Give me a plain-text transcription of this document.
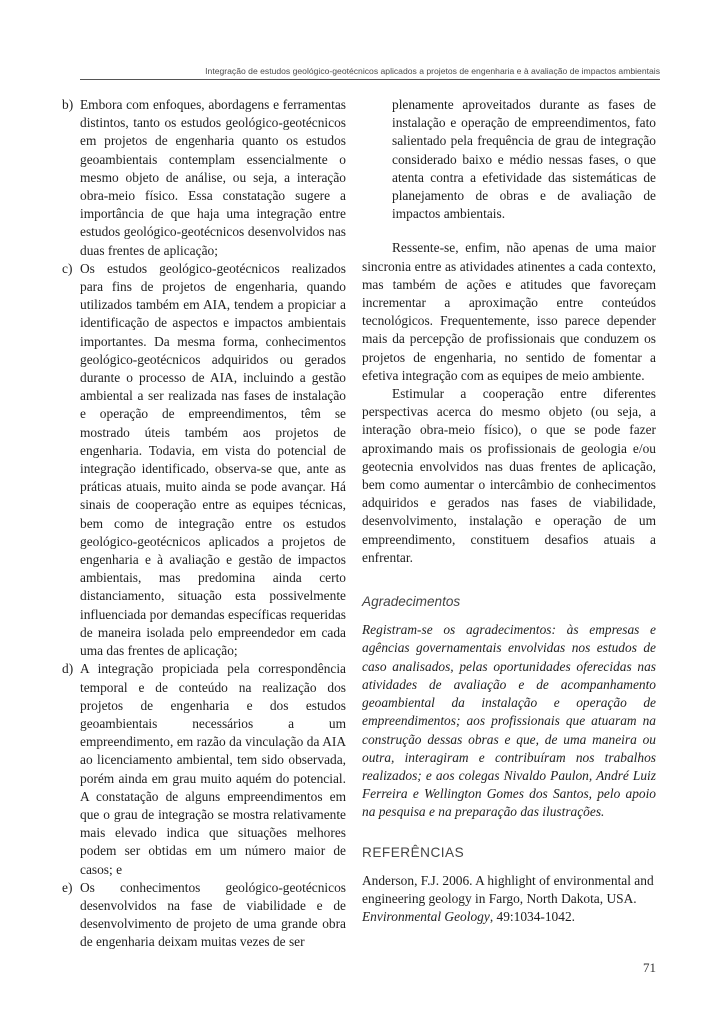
Integração de estudos geológico-geotécnicos aplicados a projetos de engenharia e à avaliação de impactos ambientais
b) Embora com enfoques, abordagens e ferramentas distintos, tanto os estudos geológico-geotécnicos em projetos de engenharia quanto os estudos geoambientais contemplam essencialmente o mesmo objeto de análise, ou seja, a interação obra-meio físico. Essa constatação sugere a importância de que haja uma integração entre estudos geológico-geotécnicos desenvolvidos nas duas frentes de aplicação;

c) Os estudos geológico-geotécnicos realizados para fins de projetos de engenharia, quando utilizados também em AIA, tendem a propiciar a identificação de aspectos e impactos ambientais importantes. Da mesma forma, conhecimentos geológico-geotécnicos adquiridos ou gerados durante o processo de AIA, incluindo a gestão ambiental a ser realizada nas fases de instalação e operação de empreendimentos, têm se mostrado úteis também aos projetos de engenharia. Todavia, em vista do potencial de integração identificado, observa-se que, ante as práticas atuais, muito ainda se pode avançar. Há sinais de cooperação entre as equipes técnicas, bem como de integração entre os estudos geológico-geotécnicos aplicados a projetos de engenharia e à avaliação e gestão de impactos ambientais, mas predomina ainda certo distanciamento, situação esta possivelmente influenciada por demandas específicas requeridas de maneira isolada pelo empreendedor em cada uma das frentes de aplicação;

d) A integração propiciada pela correspondência temporal e de conteúdo na realização dos projetos de engenharia e dos estudos geoambientais necessários a um empreendimento, em razão da vinculação da AIA ao licenciamento ambiental, tem sido observada, porém ainda em grau muito aquém do potencial. A constatação de alguns empreendimentos em que o grau de integração se mostra relativamente mais elevado indica que situações melhores podem ser obtidas em um número maior de casos; e

e) Os conhecimentos geológico-geotécnicos desenvolvidos na fase de viabilidade e de desenvolvimento de projeto de uma grande obra de engenharia deixam muitas vezes de ser

plenamente aproveitados durante as fases de instalação e operação de empreendimentos, fato salientado pela frequência de grau de integração considerado baixo e médio nessas fases, o que atenta contra a efetividade das sistemáticas de planejamento de obras e de avaliação de impactos ambientais.

Ressente-se, enfim, não apenas de uma maior sincronia entre as atividades atinentes a cada contexto, mas também de ações e atitudes que favoreçam incrementar a aproximação entre conteúdos tecnológicos. Frequentemente, isso parece depender mais da percepção de profissionais que conduzem os projetos de engenharia, no sentido de fomentar a efetiva integração com as equipes de meio ambiente.

Estimular a cooperação entre diferentes perspectivas acerca do mesmo objeto (ou seja, a interação obra-meio físico), o que se pode fazer aproximando mais os profissionais de geologia e/ou geotecnia envolvidos nas duas frentes de aplicação, bem como aumentar o intercâmbio de conhecimentos adquiridos e gerados nas fases de viabilidade, desenvolvimento, instalação e operação de um empreendimento, constituem desafios atuais a enfrentar.

Agradecimentos

Registram-se os agradecimentos: às empresas e agências governamentais envolvidas nos estudos de caso analisados, pelas oportunidades oferecidas nas atividades de avaliação e de acompanhamento geoambiental da instalação e operação de empreendimentos; aos profissionais que atuaram na construção dessas obras e que, de uma maneira ou outra, interagiram e contribuíram nos trabalhos realizados; e aos colegas Nivaldo Paulon, André Luiz Ferreira e Wellington Gomes dos Santos, pelo apoio na pesquisa e na preparação das ilustrações.

REFERÊNCIAS

Anderson, F.J. 2006. A highlight of environmental and engineering geology in Fargo, North Dakota, USA. Environmental Geology, 49:1034-1042.

71
